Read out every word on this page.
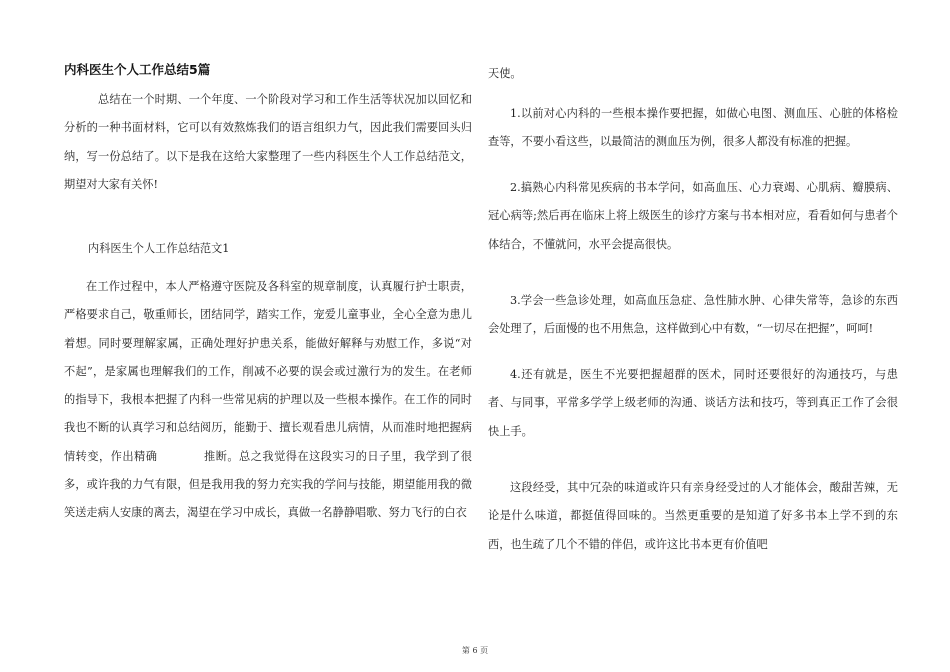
内科医生个人工作总结5篇

总结在一个时期、一个年度、一个阶段对学习和工作生活等状况加以回忆和分析的一种书面材料，它可以有效熬炼我们的语言组织力气，因此我们需要回头归纳，写一份总结了。以下是我在这给大家整理了一些内科医生个人工作总结范文，期望对大家有关怀!

内科医生个人工作总结范文1

在工作过程中，本人严格遵守医院及各科室的规章制度，认真履行护士职责，严格要求自己，敬重师长，团结同学，踏实工作，宠爱儿童事业，全心全意为患儿着想。同时要理解家属，正确处理好护患关系，能做好解释与劝慰工作，多说“对不起”，是家属也理解我们的工作，削减不必要的误会或过激行为的发生。在老师的指导下，我根本把握了内科一些常见病的护理以及一些根本操作。在工作的同时我也不断的认真学习和总结阅历，能勤于、擅长观看患儿病情，从而准时地把握病情转变，作出精确　　　　推断。总之我觉得在这段实习的日子里，我学到了很多，或许我的力气有限，但是我用我的努力充实我的学问与技能，期望能用我的微笑送走病人安康的离去，渴望在学习中成长，真做一名静静唱歌、努力飞行的白衣

天使。

1.以前对心内科的一些根本操作要把握，如做心电图、测血压、心脏的体格检查等，不要小看这些，以最简洁的测血压为例，很多人都没有标准的把握。

2.搞熟心内科常见疾病的书本学问，如高血压、心力衰竭、心肌病、瓣膜病、冠心病等;然后再在临床上将上级医生的诊疗方案与书本相对应，看看如何与患者个体结合，不懂就问，水平会提高很快。

3.学会一些急诊处理，如高血压急症、急性肺水肿、心律失常等，急诊的东西会处理了，后面慢的也不用焦急，这样做到心中有数，“一切尽在把握”，呵呵!

4.还有就是，医生不光要把握超群的医术，同时还要很好的沟通技巧，与患者、与同事，平常多学学上级老师的沟通、谈话方法和技巧，等到真正工作了会很快上手。

这段经受，其中冗杂的味道或许只有亲身经受过的人才能体会，酸甜苦辣，无论是什么味道，都挺值得回味的。当然更重要的是知道了好多书本上学不到的东西，也生疏了几个不错的伴侣，或许这比书本更有价值吧

第 6 页
